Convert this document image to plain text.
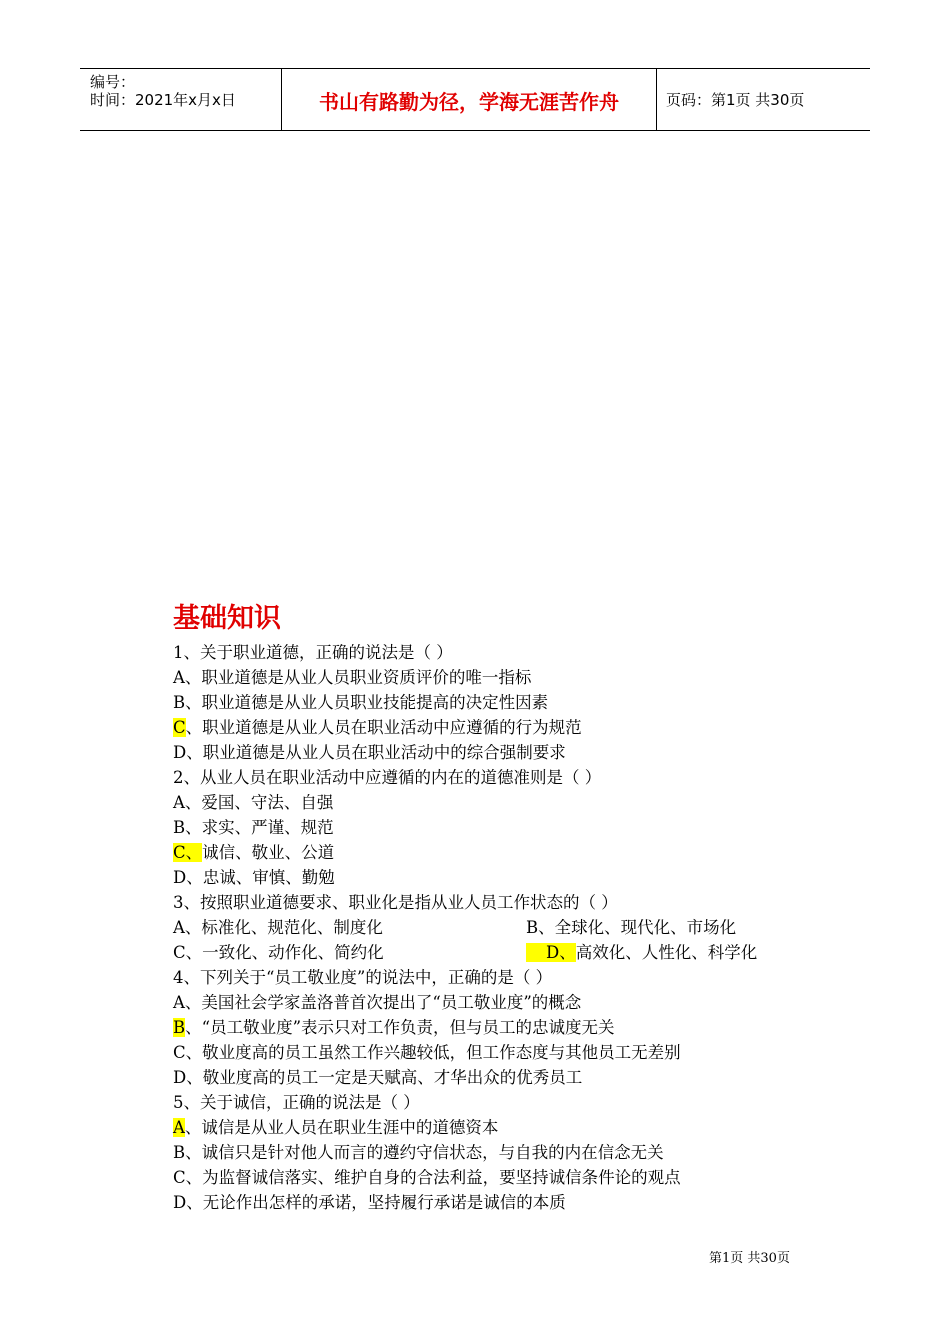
编号：
时间：2021年x月x日	书山有路勤为径，学海无涯苦作舟	页码：第1页 共30页
基础知识
1、关于职业道德，正确的说法是（ ）
A、职业道德是从业人员职业资质评价的唯一指标
B、职业道德是从业人员职业技能提高的决定性因素
C、职业道德是从业人员在职业活动中应遵循的行为规范
D、职业道德是从业人员在职业活动中的综合强制要求
2、从业人员在职业活动中应遵循的内在的道德准则是（ ）
A、爱国、守法、自强
B、求实、严谨、规范
C、诚信、敬业、公道
D、忠诚、审慎、勤勉
3、按照职业道德要求、职业化是指从业人员工作状态的（ ）
A、标准化、规范化、制度化	B、全球化、现代化、市场化
C、一致化、动作化、简约化	D、高效化、人性化、科学化
4、下列关于“员工敬业度”的说法中，正确的是（ ）
A、美国社会学家盖洛普首次提出了“员工敬业度”的概念
B、“员工敬业度”表示只对工作负责，但与员工的忠诚度无关
C、敬业度高的员工虽然工作兴趣较低，但工作态度与其他员工无差别
D、敬业度高的员工一定是天赋高、才华出众的优秀员工
5、关于诚信，正确的说法是（ ）
A、诚信是从业人员在职业生涯中的道德资本
B、诚信只是针对他人而言的遵约守信状态，与自我的内在信念无关
C、为监督诚信落实、维护自身的合法利益，要坚持诚信条件论的观点
D、无论作出怎样的承诺，坚持履行承诺是诚信的本质
第1页 共30页
